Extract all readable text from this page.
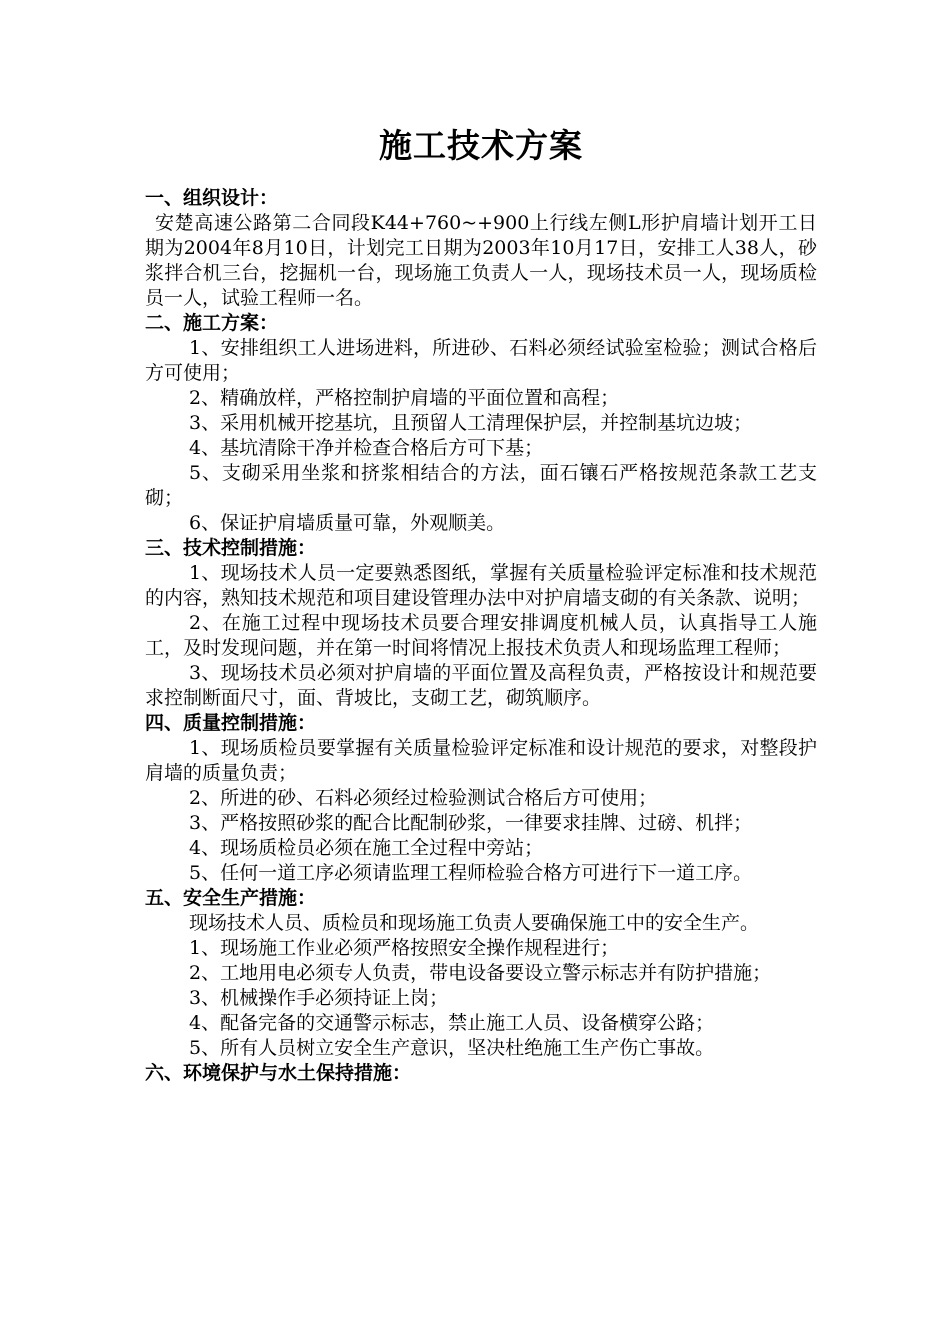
施工技术方案

一、组织设计：

安楚高速公路第二合同段K44+760~+900上行线左侧L形护肩墙计划开工日期为2004年8月10日，计划完工日期为2003年10月17日，安排工人38人，砂浆拌合机三台，挖掘机一台，现场施工负责人一人，现场技术员一人，现场质检员一人，试验工程师一名。

二、施工方案：

1、安排组织工人进场进料，所进砂、石料必须经试验室检验；测试合格后方可使用；

2、精确放样，严格控制护肩墙的平面位置和高程；

3、采用机械开挖基坑，且预留人工清理保护层，并控制基坑边坡；

4、基坑清除干净并检查合格后方可下基；

5、支砌采用坐浆和挤浆相结合的方法，面石镶石严格按规范条款工艺支砌；

6、保证护肩墙质量可靠，外观顺美。

三、技术控制措施：

1、现场技术人员一定要熟悉图纸，掌握有关质量检验评定标准和技术规范的内容，熟知技术规范和项目建设管理办法中对护肩墙支砌的有关条款、说明；

2、在施工过程中现场技术员要合理安排调度机械人员，认真指导工人施工，及时发现问题，并在第一时间将情况上报技术负责人和现场监理工程师；

3、现场技术员必须对护肩墙的平面位置及高程负责，严格按设计和规范要求控制断面尺寸，面、背坡比，支砌工艺，砌筑顺序。

四、质量控制措施：

1、现场质检员要掌握有关质量检验评定标准和设计规范的要求，对整段护肩墙的质量负责；

2、所进的砂、石料必须经过检验测试合格后方可使用；

3、严格按照砂浆的配合比配制砂浆，一律要求挂牌、过磅、机拌；

4、现场质检员必须在施工全过程中旁站；

5、任何一道工序必须请监理工程师检验合格方可进行下一道工序。

五、安全生产措施：

现场技术人员、质检员和现场施工负责人要确保施工中的安全生产。

1、现场施工作业必须严格按照安全操作规程进行；

2、工地用电必须专人负责，带电设备要设立警示标志并有防护措施；

3、机械操作手必须持证上岗；

4、配备完备的交通警示标志，禁止施工人员、设备横穿公路；

5、所有人员树立安全生产意识，坚决杜绝施工生产伤亡事故。

六、环境保护与水土保持措施：
